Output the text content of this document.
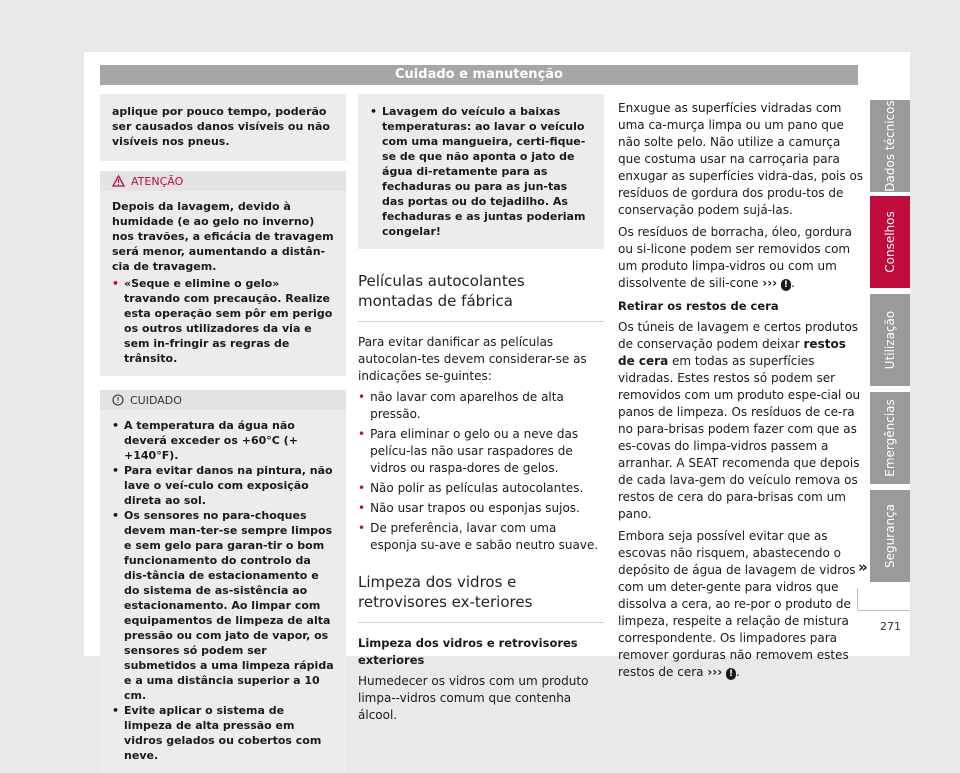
Cuidado e manutenção
aplique por pouco tempo, poderão ser causados danos visíveis ou não visíveis nos pneus.
ATENÇÃO
Depois da lavagem, devido à humidade (e ao gelo no inverno) nos travões, a eficácia de travagem será menor, aumentando a distân-cia de travagem.
• «Seque e elimine o gelo» travando com precaução. Realize esta operação sem pôr em perigo os outros utilizadores da via e sem in-fringir as regras de trânsito.
CUIDADO
• A temperatura da água não deverá exceder os +60°C (+ +140°F).
• Para evitar danos na pintura, não lave o veí-culo com exposição direta ao sol.
• Os sensores no para-choques devem man-ter-se sempre limpos e sem gelo para garan-tir o bom funcionamento do controlo da dis-tância de estacionamento e do sistema de as-sistência ao estacionamento. Ao limpar com equipamentos de limpeza de alta pressão ou com jato de vapor, os sensores só podem ser submetidos a uma limpeza rápida e a uma distância superior a 10 cm.
• Evite aplicar o sistema de limpeza de alta pressão em vidros gelados ou cobertos com neve.
• Lavagem do veículo a baixas temperaturas: ao lavar o veículo com uma mangueira, certi-fique-se de que não aponta o jato de água di-retamente para as fechaduras ou para as jun-tas das portas ou do tejadilho. As fechaduras e as juntas poderiam congelar!
Películas autocolantes montadas de fábrica
Para evitar danificar as películas autocolan-tes devem considerar-se as indicações se-guintes:
• não lavar com aparelhos de alta pressão.
• Para eliminar o gelo ou a neve das pelícu-las não usar raspadores de vidros ou raspa-dores de gelos.
• Não polir as películas autocolantes.
• Não usar trapos ou esponjas sujos.
• De preferência, lavar com uma esponja su-ave e sabão neutro suave.
Limpeza dos vidros e retrovisores ex-teriores
Limpeza dos vidros e retrovisores exteriores
Humedecer os vidros com um produto limpa--vidros comum que contenha álcool.
Enxugue as superfícies vidradas com uma ca-murça limpa ou um pano que não solte pelo. Não utilize a camurça que costuma usar na carroçaria para enxugar as superfícies vidra-das, pois os resíduos de gordura dos produ-tos de conservação podem sujá-las.
Os resíduos de borracha, óleo, gordura ou si-licone podem ser removidos com um produto limpa-vidros ou com um dissolvente de sili-cone ››› ! .
Retirar os restos de cera
Os túneis de lavagem e certos produtos de conservação podem deixar restos de cera em todas as superfícies vidradas. Estes restos só podem ser removidos com um produto espe-cial ou panos de limpeza. Os resíduos de ce-ra no para-brisas podem fazer com que as es-covas do limpa-vidros passem a arranhar. A SEAT recomenda que depois de cada lava-gem do veículo remova os restos de cera do para-brisas com um pano.
Embora seja possível evitar que as escovas não risquem, abastecendo o depósito de água de lavagem de vidros com um deter-gente para vidros que dissolva a cera, ao re-por o produto de limpeza, respeite a relação de mistura correspondente. Os limpadores para remover gorduras não removem estes restos de cera ››› ! .
»
Dados técnicos
Conselhos
Utilização
Emergências
Segurança
271
